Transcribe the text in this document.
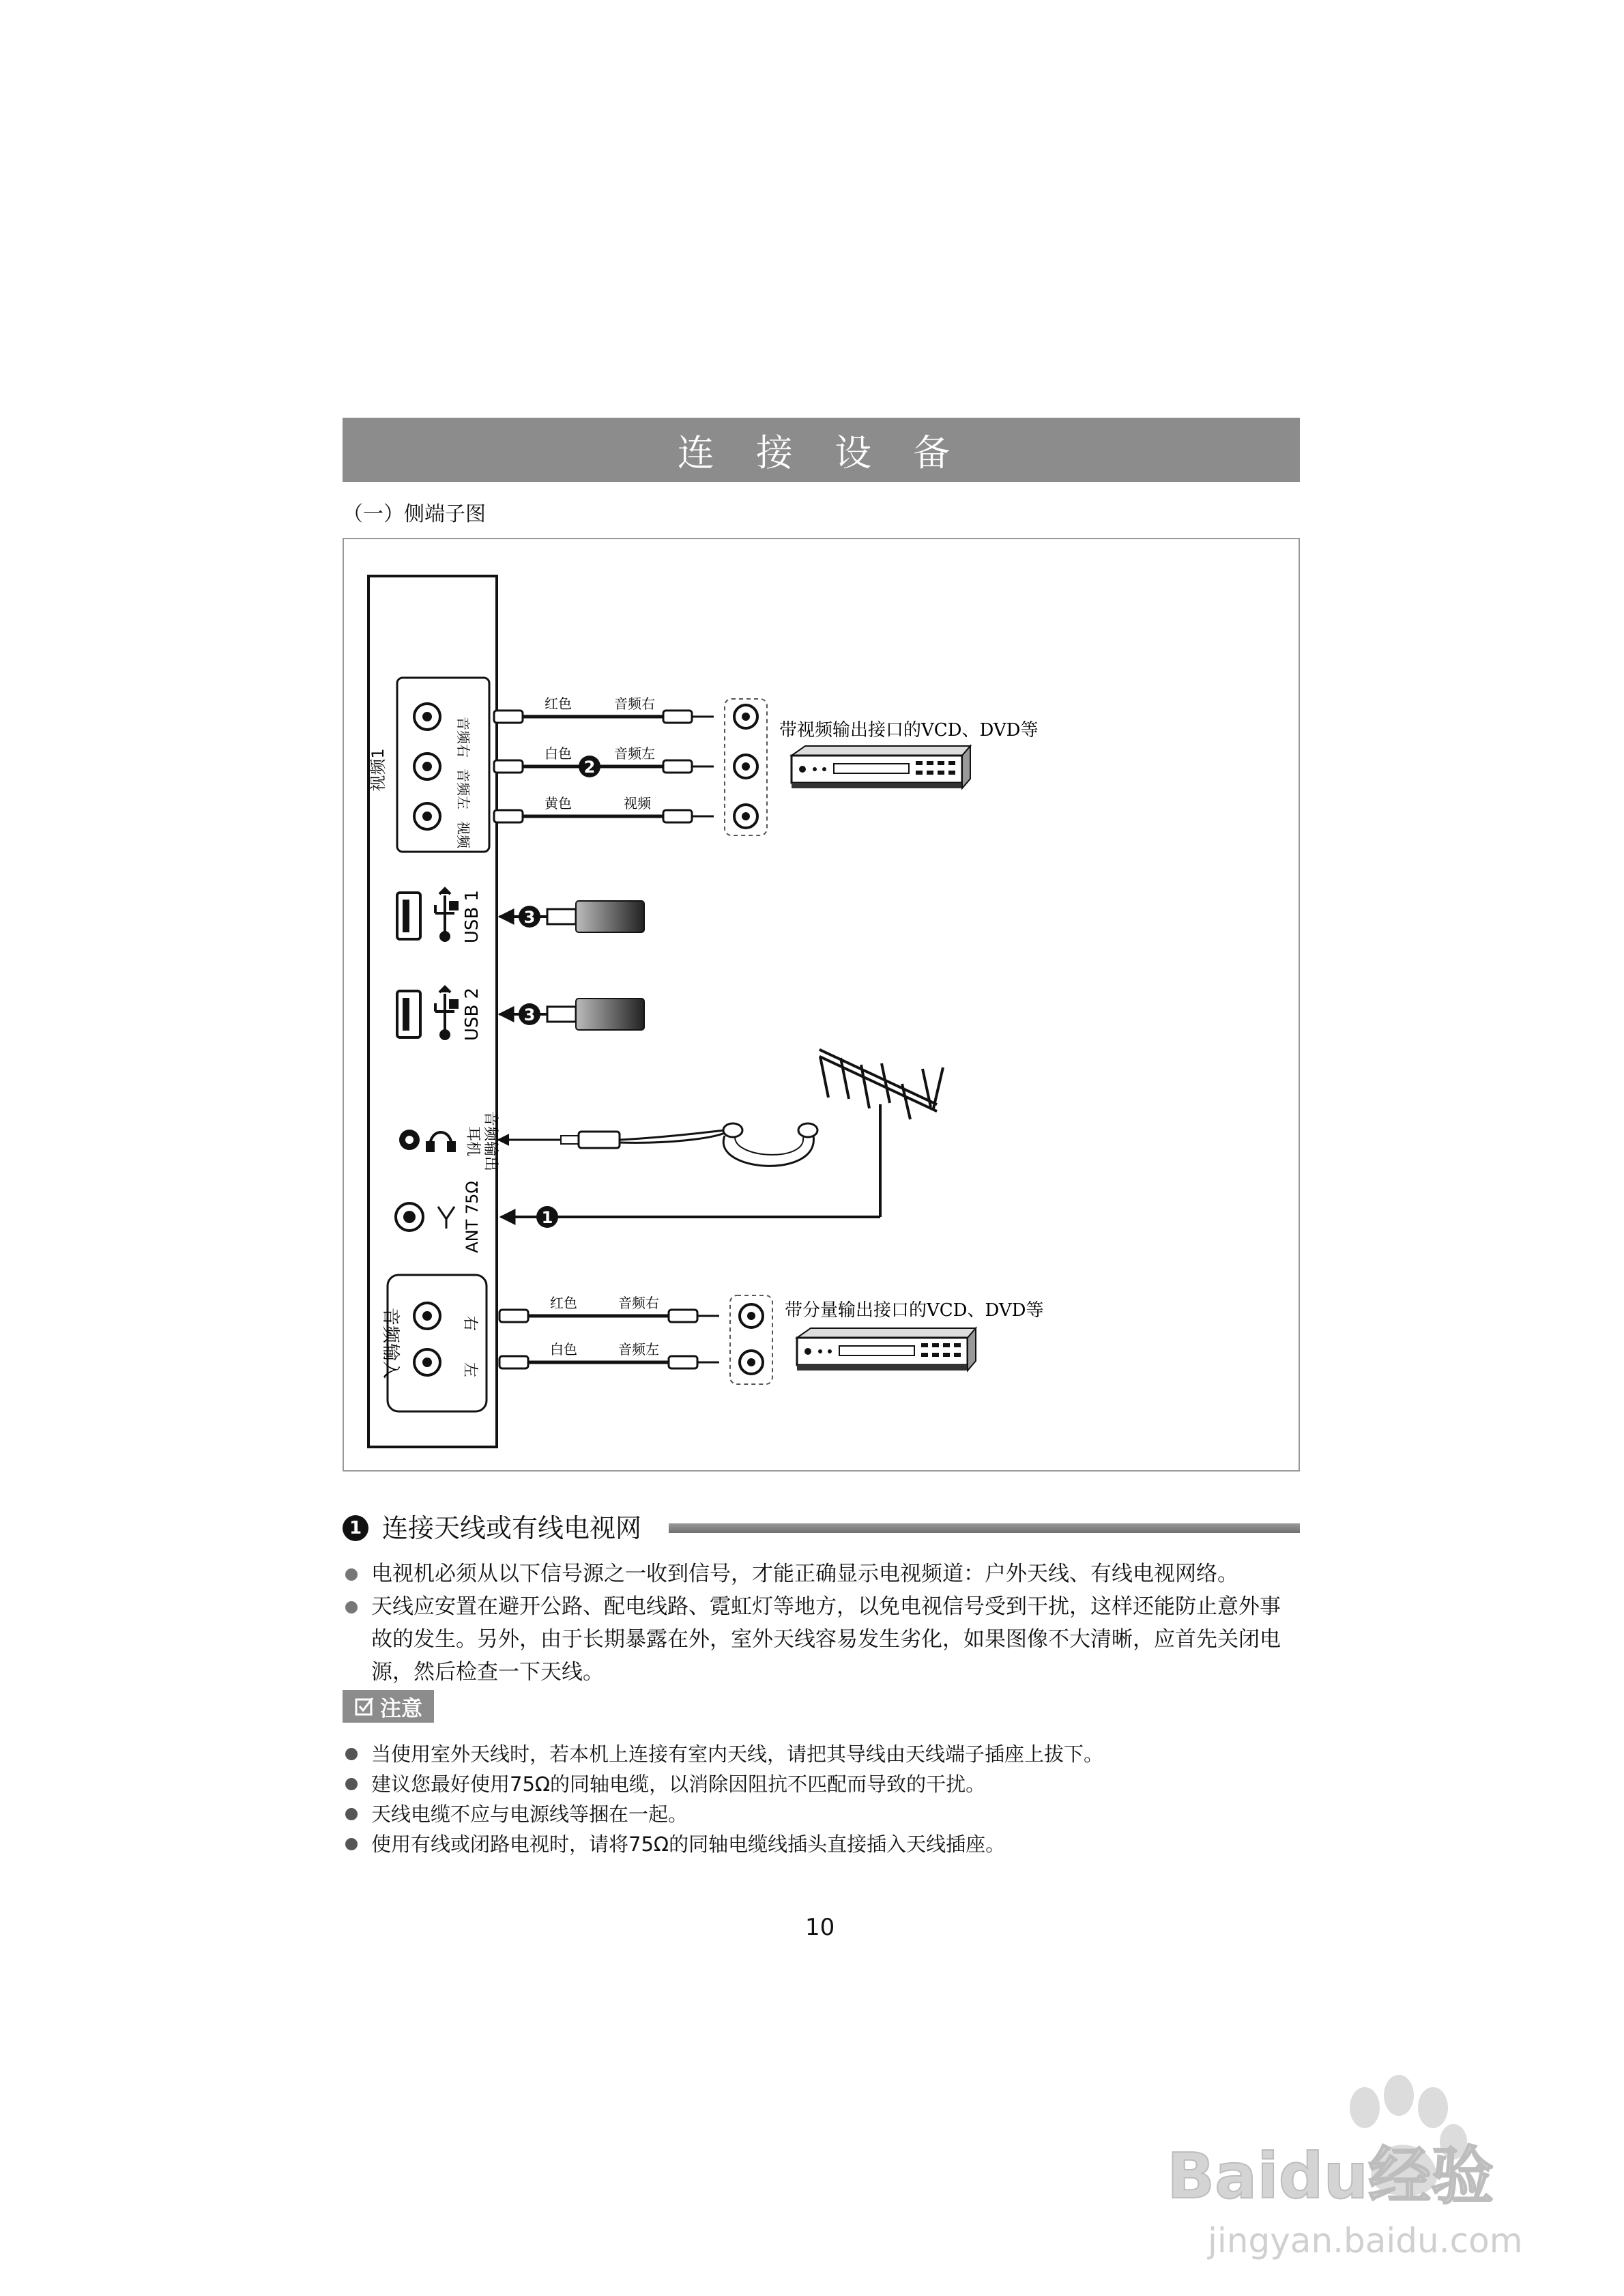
连 接 设 备
（一）侧端子图
视频1
音频右
音频左
视频
红色
白色
黄色
音频右
音频左
视频
2
带视频输出接口的VCD、DVD等
USB 1	3
USB 2	3
耳机 音频输出
ANT 75Ω	1
音频输入	右
左
红色
白色
音频右
音频左
带分量输出接口的VCD、DVD等
1 连接天线或有线电视网
电视机必须从以下信号源之一收到信号，才能正确显示电视频道：户外天线、有线电视网络。
天线应安置在避开公路、配电线路、霓虹灯等地方，以免电视信号受到干扰，这样还能防止意外事故的发生。另外，由于长期暴露在外，室外天线容易发生劣化，如果图像不大清晰，应首先关闭电源，然后检查一下天线。
注意
当使用室外天线时，若本机上连接有室内天线，请把其导线由天线端子插座上拔下。
建议您最好使用75Ω的同轴电缆，以消除因阻抗不匹配而导致的干扰。
天线电缆不应与电源线等捆在一起。
使用有线或闭路电视时，请将75Ω的同轴电缆线插头直接插入天线插座。
10
Baidu经验
jingyan.baidu.com
